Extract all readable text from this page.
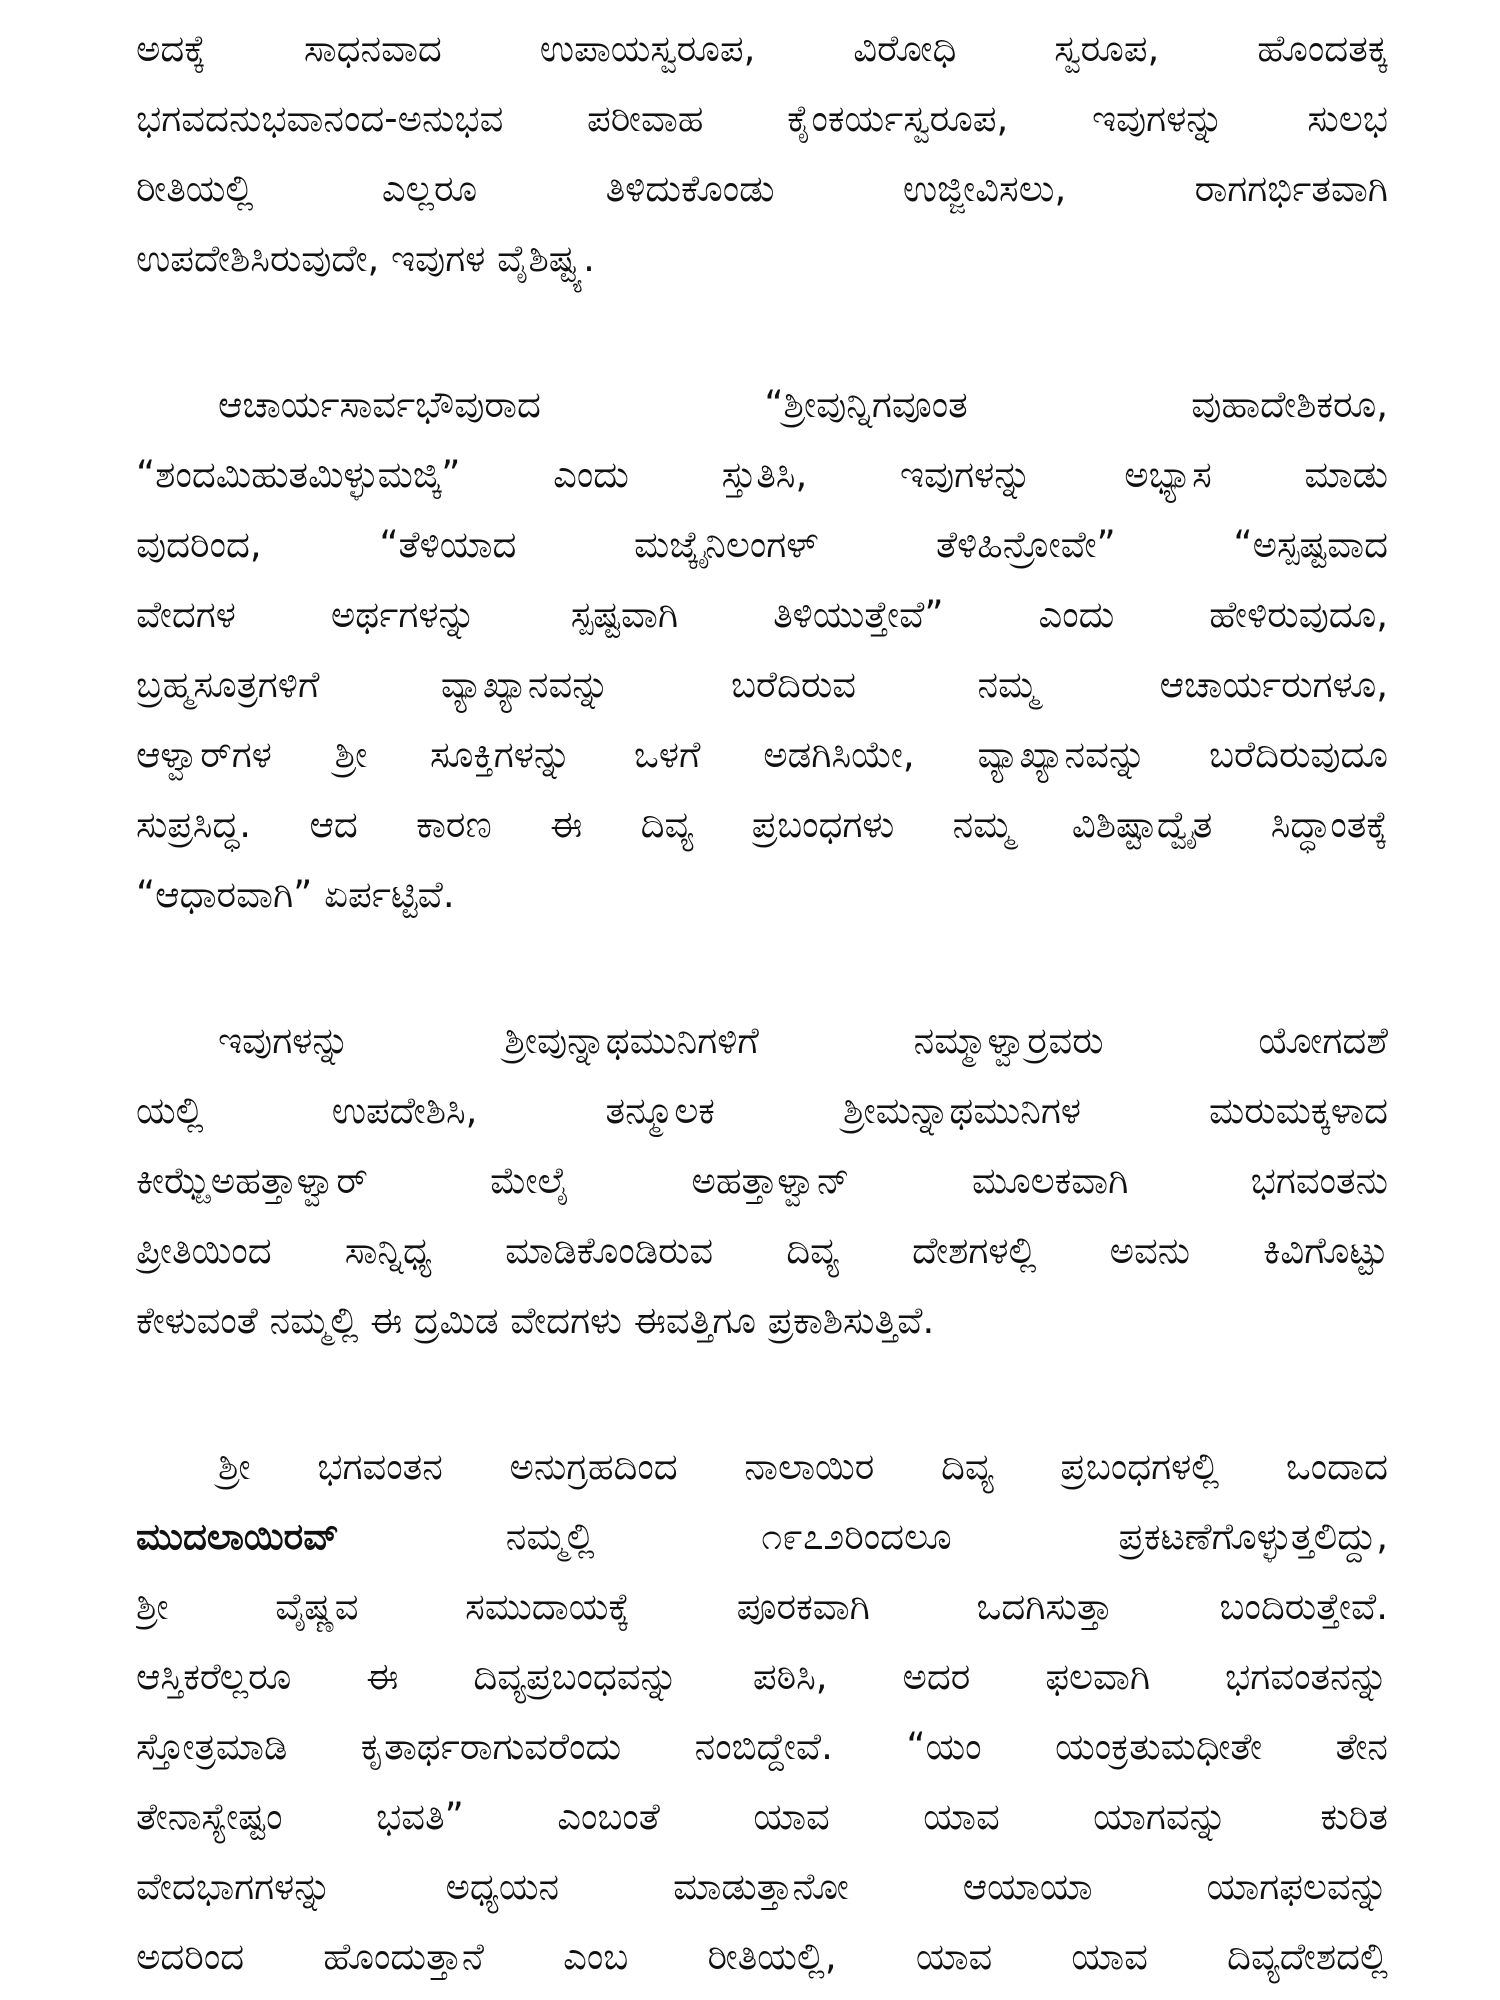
ಅದಕ್ಕೆ ಸಾಧನವಾದ ಉಪಾಯಸ್ವರೂಪ, ವಿರೋಧಿ ಸ್ವರೂಪ, ಹೊಂದತಕ್ಕ
ಭಗವದನುಭವಾನಂದ-ಅನುಭವ ಪರೀವಾಹ ಕೈಂಕರ್ಯಸ್ವರೂಪ, ಇವುಗಳನ್ನು ಸುಲಭ
ರೀತಿಯಲ್ಲಿ ಎಲ್ಲರೂ ತಿಳಿದುಕೊಂಡು ಉಜ್ಜೀವಿಸಲು, ರಾಗಗರ್ಭಿತವಾಗಿ
ಉಪದೇಶಿಸಿರುವುದೇ, ಇವುಗಳ ವೈಶಿಷ್ಟ್ಯ.
ಆಚಾರ್ಯಸಾರ್ವಭೌವುರಾದ “ಶ್ರೀವುನ್ನಿಗವೂಂತ ವುಹಾದೇಶಿಕರೂ,
“ಶಂದಮಿಹುತಮಿಳ್ಳುಮಜ್ಕಿ” ಎಂದು ಸ್ತುತಿಸಿ, ಇವುಗಳನ್ನು ಅಭ್ಯಾಸ ಮಾಡು
ವುದರಿಂದ, “ತೆಳಿಯಾದ ಮಜ್ಕೈನಿಲಂಗಳ್ ತೆಳಿಹಿನ್ರೋವೇ” “ಅಸ್ಪಷ್ಟವಾದ
ವೇದಗಳ ಅರ್ಥಗಳನ್ನು ಸ್ಪಷ್ಟವಾಗಿ ತಿಳಿಯುತ್ತೇವೆ” ಎಂದು ಹೇಳಿರುವುದೂ,
ಬ್ರಹ್ಮಸೂತ್ರಗಳಿಗೆ ವ್ಯಾಖ್ಯಾನವನ್ನು ಬರೆದಿರುವ ನಮ್ಮ ಆಚಾರ್ಯರುಗಳೂ,
ಆಳ್ವಾರ್‌ಗಳ ಶ್ರೀ ಸೂಕ್ತಿಗಳನ್ನು ಒಳಗೆ ಅಡಗಿಸಿಯೇ, ವ್ಯಾಖ್ಯಾನವನ್ನು ಬರೆದಿರುವುದೂ
ಸುಪ್ರಸಿದ್ಧ. ಆದ ಕಾರಣ ಈ ದಿವ್ಯ ಪ್ರಬಂಧಗಳು ನಮ್ಮ ವಿಶಿಷ್ಟಾದ್ವೈತ ಸಿದ್ಧಾಂತಕ್ಕೆ
“ಆಧಾರವಾಗಿ” ಏರ್ಪಟ್ಟಿವೆ.
ಇವುಗಳನ್ನು ಶ್ರೀವುನ್ನಾಥಮುನಿಗಳಿಗೆ ನಮ್ಮಾಳ್ವಾರ್ರವರು ಯೋಗದಶೆ
ಯಲ್ಲಿ ಉಪದೇಶಿಸಿ, ತನ್ಮೂಲಕ ಶ್ರೀಮನ್ನಾಥಮುನಿಗಳ ಮರುಮಕ್ಕಳಾದ
ಕೀಝ್ೞೆಅಹತ್ತಾಳ್ವಾರ್ ಮೇಲೈ ಅಹತ್ತಾಳ್ವಾನ್ ಮೂಲಕವಾಗಿ ಭಗವಂತನು
ಪ್ರೀತಿಯಿಂದ ಸಾನ್ನಿಧ್ಯ ಮಾಡಿಕೊಂಡಿರುವ ದಿವ್ಯ ದೇಶಗಳಲ್ಲಿ ಅವನು ಕಿವಿಗೊಟ್ಟು
ಕೇಳುವಂತೆ ನಮ್ಮಲ್ಲಿ ಈ ದ್ರಮಿಡ ವೇದಗಳು ಈವತ್ತಿಗೂ ಪ್ರಕಾಶಿಸುತ್ತಿವೆ.
ಶ್ರೀ ಭಗವಂತನ ಅನುಗ್ರಹದಿಂದ ನಾಲಾಯಿರ ದಿವ್ಯ ಪ್ರಬಂಧಗಳಲ್ಲಿ ಒಂದಾದ
ಮುದಲಾಯಿರವ್ ನಮ್ಮಲ್ಲಿ ೧೯೭೨ರಿಂದಲೂ ಪ್ರಕಟಣೆಗೊಳ್ಳುತ್ತಲಿದ್ದು,
ಶ್ರೀ ವೈಷ್ಣವ ಸಮುದಾಯಕ್ಕೆ ಪೂರಕವಾಗಿ ಒದಗಿಸುತ್ತಾ ಬಂದಿರುತ್ತೇವೆ.
ಆಸ್ತಿಕರೆಲ್ಲರೂ ಈ ದಿವ್ಯಪ್ರಬಂಧವನ್ನು ಪಠಿಸಿ, ಅದರ ಫಲವಾಗಿ ಭಗವಂತನನ್ನು
ಸ್ತೋತ್ರಮಾಡಿ ಕೃತಾರ್ಥರಾಗುವರೆಂದು ನಂಬಿದ್ದೇವೆ. “ಯಂ ಯಂಕ್ರತುಮಧೀತೇ ತೇನ
ತೇನಾಸ್ಯೇಷ್ಟಂ ಭವತಿ” ಎಂಬಂತೆ ಯಾವ ಯಾವ ಯಾಗವನ್ನು ಕುರಿತ
ವೇದಭಾಗಗಳನ್ನು ಅಧ್ಯಯನ ಮಾಡುತ್ತಾನೋ ಆಯಾಯಾ ಯಾಗಫಲವನ್ನು
ಅದರಿಂದ ಹೊಂದುತ್ತಾನೆ ಎಂಬ ರೀತಿಯಲ್ಲಿ, ಯಾವ ಯಾವ ದಿವ್ಯದೇಶದಲ್ಲಿ
